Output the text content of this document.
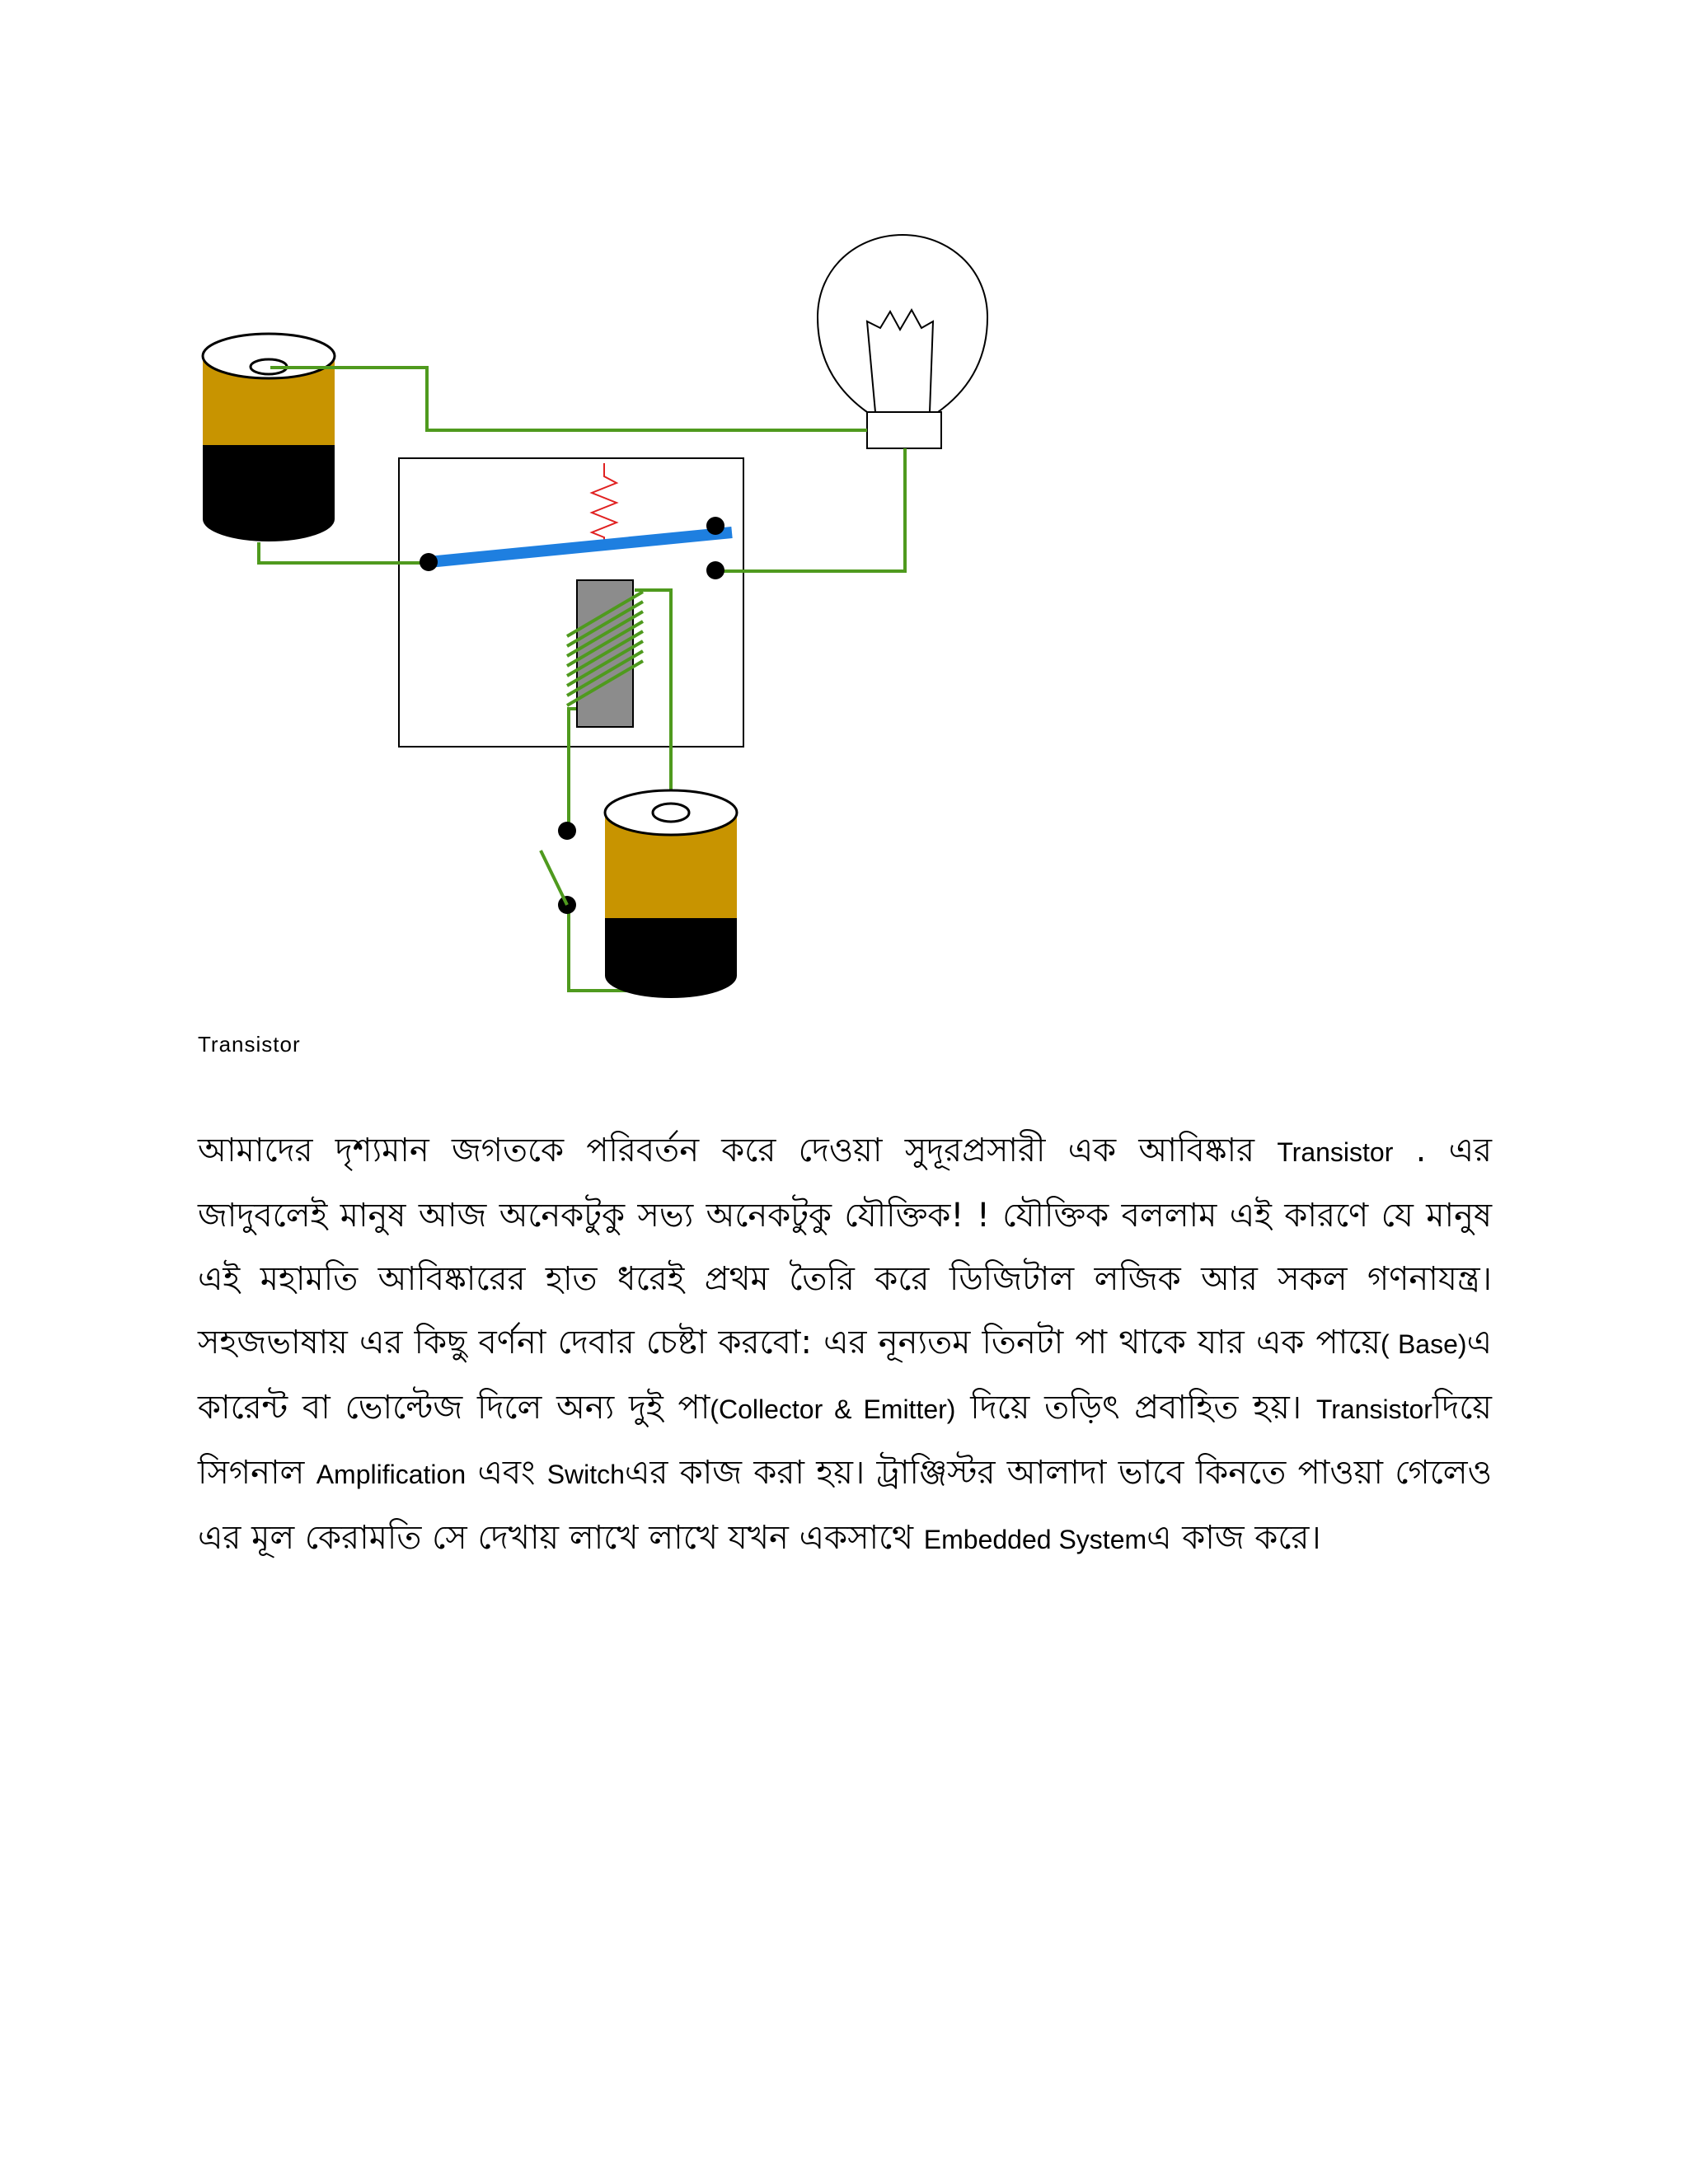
Transistor

আমাদের দৃশ্যমান জগতকে পরিবর্তন করে দেওয়া সুদূরপ্রসারী এক আবিষ্কার Transistor . এর জাদুবলেই মানুষ আজ অনেকটুকু সভ্য অনেকটুকু যৌক্তিক! ! যৌক্তিক বললাম এই কারণে যে মানুষ এই মহামতি আবিষ্কারের হাত ধরেই প্রথম তৈরি করে ডিজিটাল লজিক আর সকল গণনাযন্ত্র। সহজভাষায় এর কিছু বর্ণনা দেবার চেষ্টা করবো: এর নূন্যতম তিনটা পা থাকে যার এক পায়ে( Base)এ কারেন্ট বা ভোল্টেজ দিলে অন্য দুই পা(Collector & Emitter) দিয়ে তড়িৎ প্রবাহিত হয়। Transistorদিয়ে সিগনাল Amplification এবং Switchএর কাজ করা হয়। ট্রাঞ্জিস্টর আলাদা ভাবে কিনতে পাওয়া গেলেও এর মূল কেরামতি সে দেখায় লাখে লাখে যখন একসাথে Embedded Systemএ কাজ করে।
